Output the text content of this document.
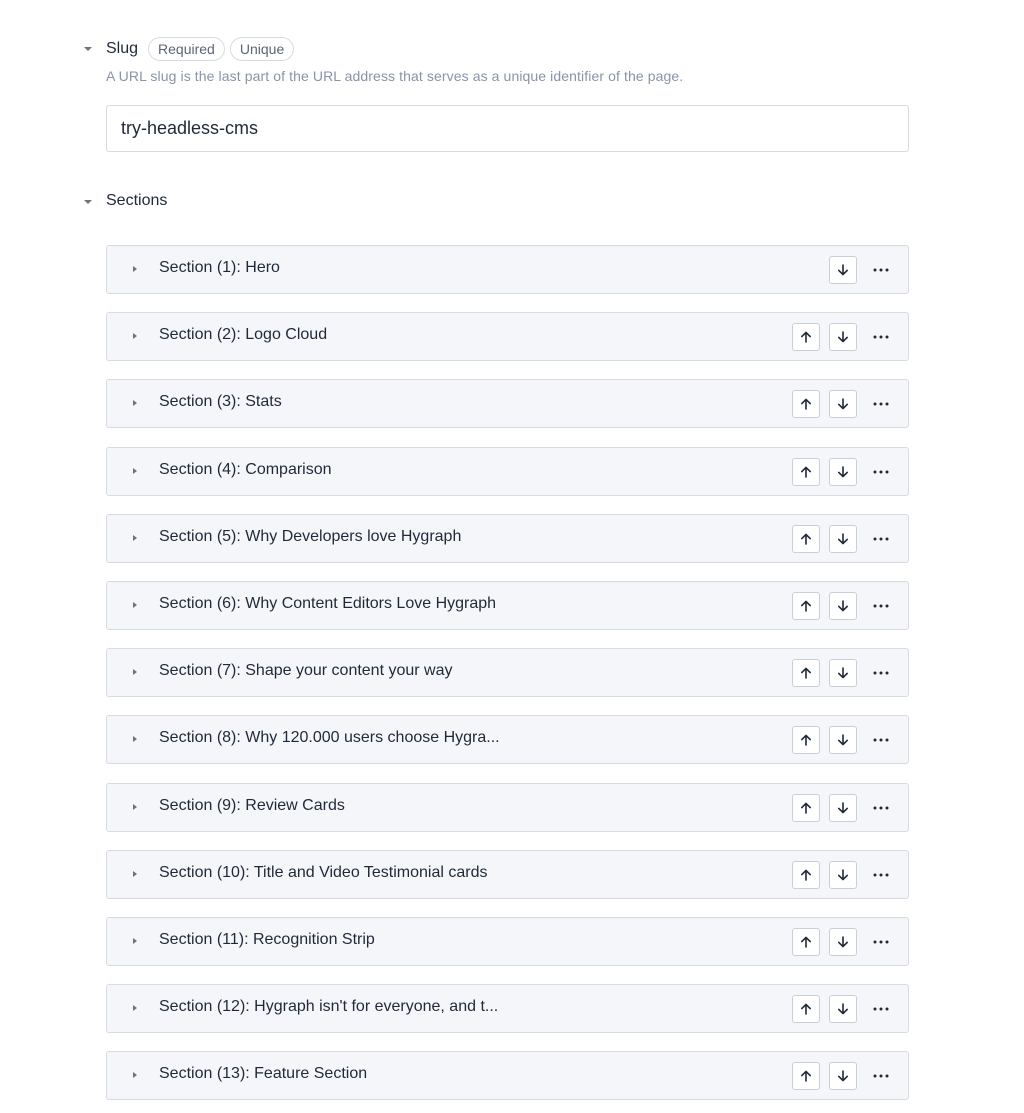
Slug	Required	Unique
A URL slug is the last part of the URL address that serves as a unique identifier of the page.
try-headless-cms
Sections
Section (1): Hero
Section (2): Logo Cloud
Section (3): Stats
Section (4): Comparison
Section (5): Why Developers love Hygraph
Section (6): Why Content Editors Love Hygraph
Section (7): Shape your content your way
Section (8): Why 120.000 users choose Hygra...
Section (9): Review Cards
Section (10): Title and Video Testimonial cards
Section (11): Recognition Strip
Section (12): Hygraph isn't for everyone, and t...
Section (13): Feature Section
